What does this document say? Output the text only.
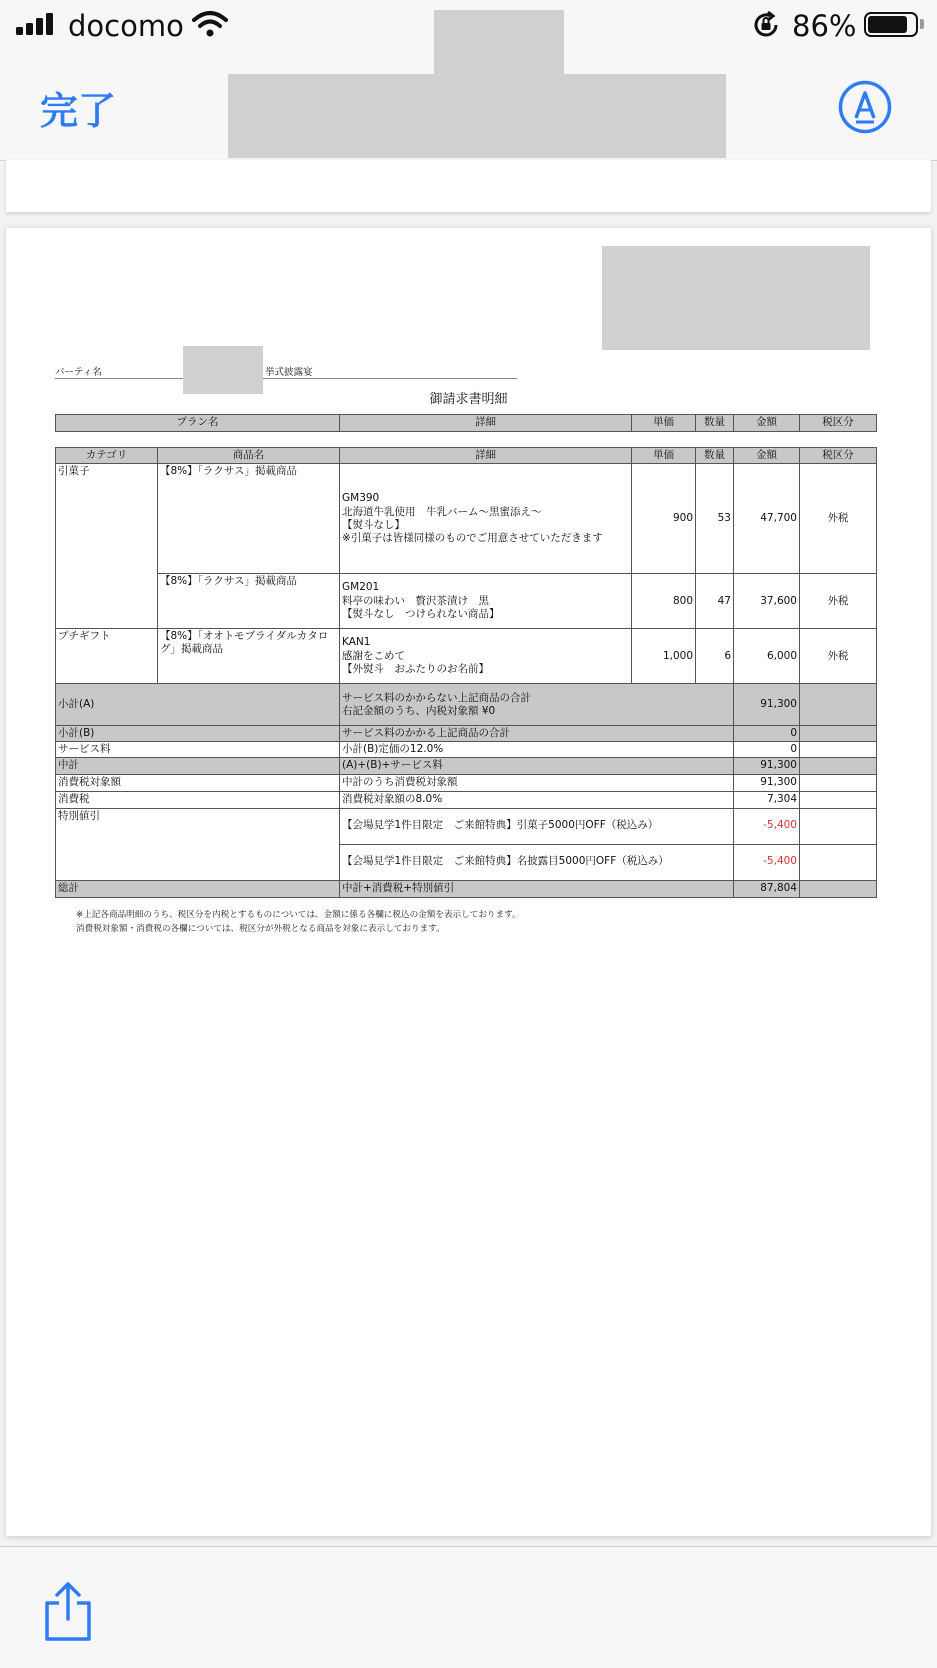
docomo	86%
完了
パーティ名	挙式披露宴
御請求書明細
プラン名	詳細	単価	数量	金額	税区分
カテゴリ	商品名	詳細	単価	数量	金額	税区分
引菓子	【8%】「ラクサス」掲載商品	GM390
北海道牛乳使用　牛乳バーム～黒蜜添え～
【熨斗なし】
※引菓子は皆様同様のものでご用意させていただきます	900	53	47,700	外税
	【8%】「ラクサス」掲載商品	GM201
料亭の味わい　贅沢茶漬け　黒
【熨斗なし　つけられない商品】	800	47	37,600	外税
プチギフト	【8%】「オオトモブライダルカタログ」掲載商品	KAN1
感謝をこめて
【外熨斗　おふたりのお名前】	1,000	6	6,000	外税
小計(A)		サービス料のかからない上記商品の合計
右記金額のうち、内税対象額 ¥0			91,300	
小計(B)		サービス料のかかる上記商品の合計			0	
サービス料		小計(B)定価の12.0%			0	
中計		(A)+(B)+サービス料			91,300	
消費税対象額		中計のうち消費税対象額			91,300	
消費税		消費税対象額の8.0%			7,304	
特別値引		【会場見学1件目限定　ご来館特典】引菓子5000円OFF（税込み）			-5,400	
		【会場見学1件目限定　ご来館特典】名披露目5000円OFF（税込み）			-5,400	
総計		中計+消費税+特別値引			87,804	
※上記各商品明細のうち、税区分を内税とするものについては、金額に係る各欄に税込の金額を表示しております。
消費税対象額・消費税の各欄については、税区分が外税となる商品を対象に表示しております。
